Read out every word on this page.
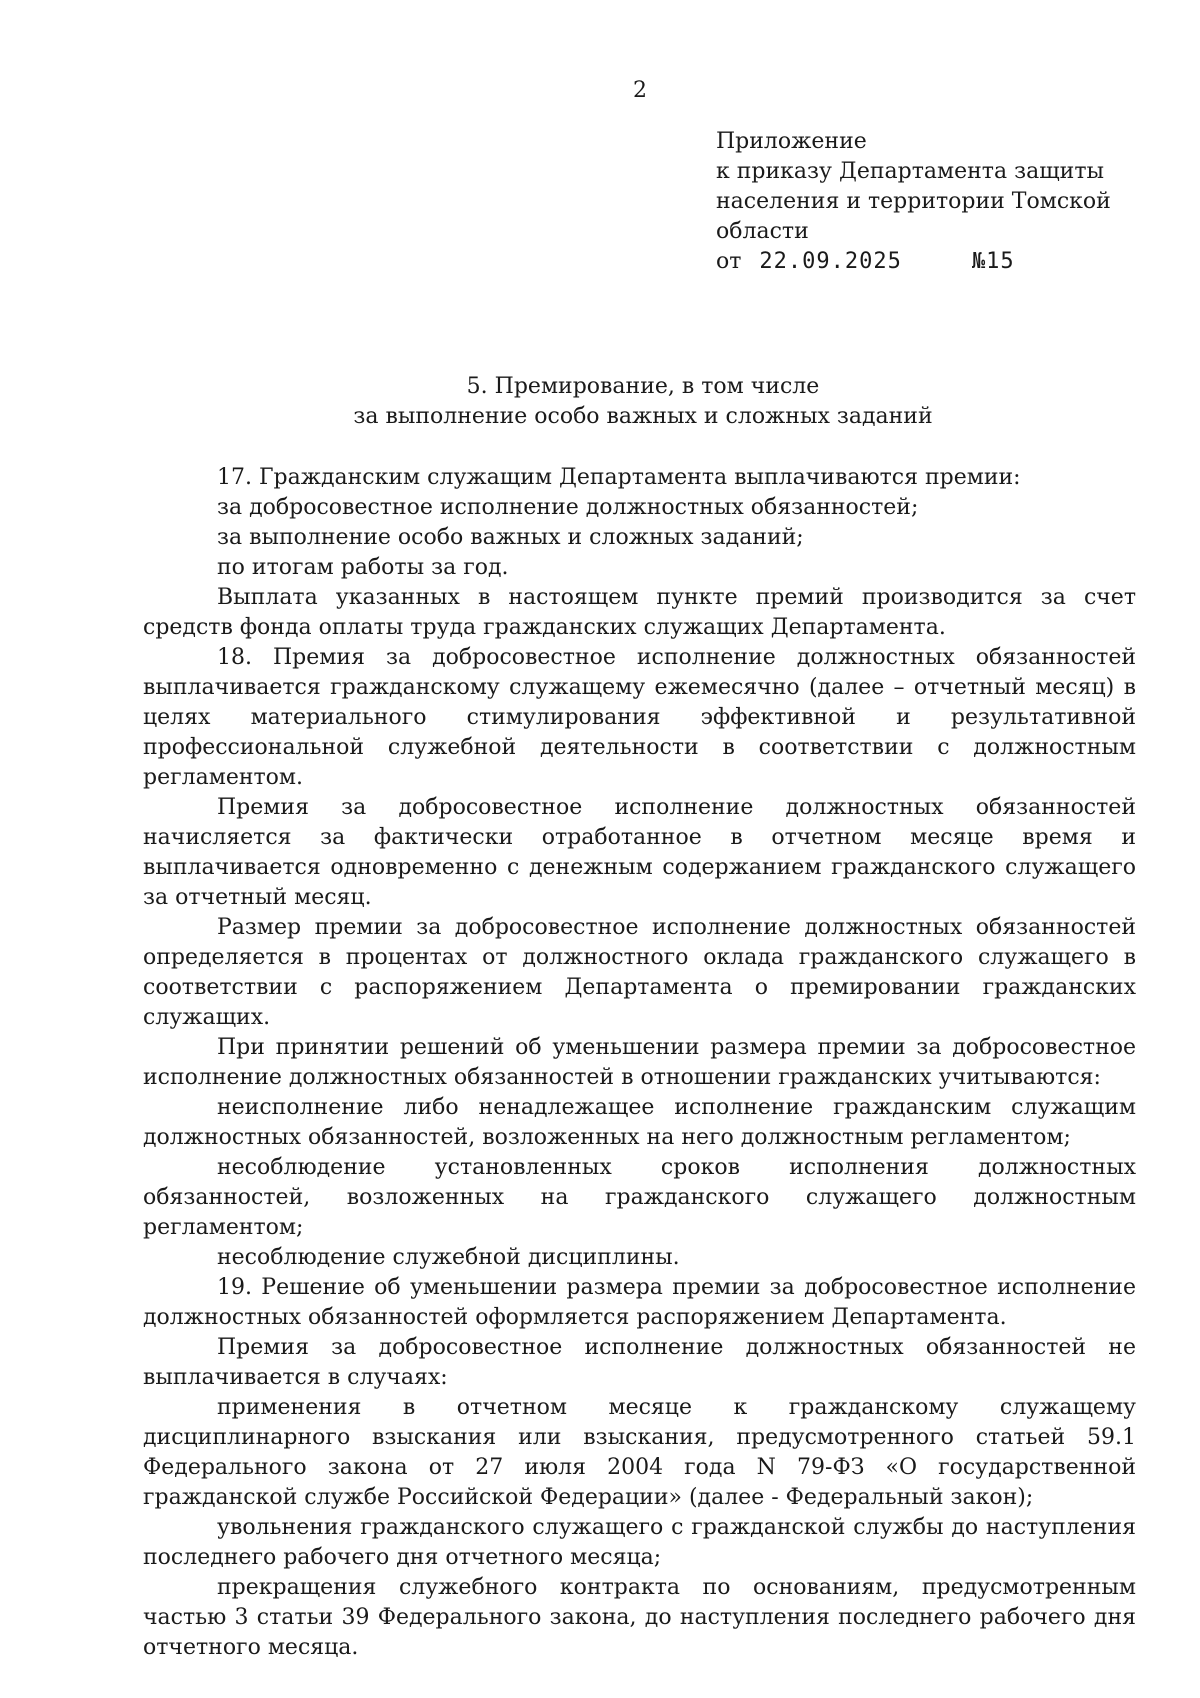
2
Приложение
к приказу Департамента защиты
населения и территории Томской
области
от 22.09.2025	№15
5. Премирование, в том числе
за выполнение особо важных и сложных заданий

17. Гражданским служащим Департамента выплачиваются премии:

за добросовестное исполнение должностных обязанностей;

за выполнение особо важных и сложных заданий;

по итогам работы за год.

Выплата указанных в настоящем пункте премий производится за счет средств фонда оплаты труда гражданских служащих Департамента.

18. Премия за добросовестное исполнение должностных обязанностей выплачивается гражданскому служащему ежемесячно (далее – отчетный месяц) в целях материального стимулирования эффективной и результативной профессиональной служебной деятельности в соответствии с должностным регламентом.

Премия за добросовестное исполнение должностных обязанностей начисляется за фактически отработанное в отчетном месяце время и выплачивается одновременно с денежным содержанием гражданского служащего за отчетный месяц.

Размер премии за добросовестное исполнение должностных обязанностей определяется в процентах от должностного оклада гражданского служащего в соответствии с распоряжением Департамента о премировании гражданских служащих.

При принятии решений об уменьшении размера премии за добросовестное исполнение должностных обязанностей в отношении гражданских учитываются:

неисполнение либо ненадлежащее исполнение гражданским служащим должностных обязанностей, возложенных на него должностным регламентом;

несоблюдение установленных сроков исполнения должностных обязанностей, возложенных на гражданского служащего должностным регламентом;

несоблюдение служебной дисциплины.

19. Решение об уменьшении размера премии за добросовестное исполнение должностных обязанностей оформляется распоряжением Департамента.

Премия за добросовестное исполнение должностных обязанностей не выплачивается в случаях:

применения в отчетном месяце к гражданскому служащему дисциплинарного взыскания или взыскания, предусмотренного статьей 59.1 Федерального закона от 27 июля 2004 года N 79-ФЗ «О государственной гражданской службе Российской Федерации» (далее - Федеральный закон);

увольнения гражданского служащего с гражданской службы до наступления последнего рабочего дня отчетного месяца;

прекращения служебного контракта по основаниям, предусмотренным частью 3 статьи 39 Федерального закона, до наступления последнего рабочего дня отчетного месяца.
